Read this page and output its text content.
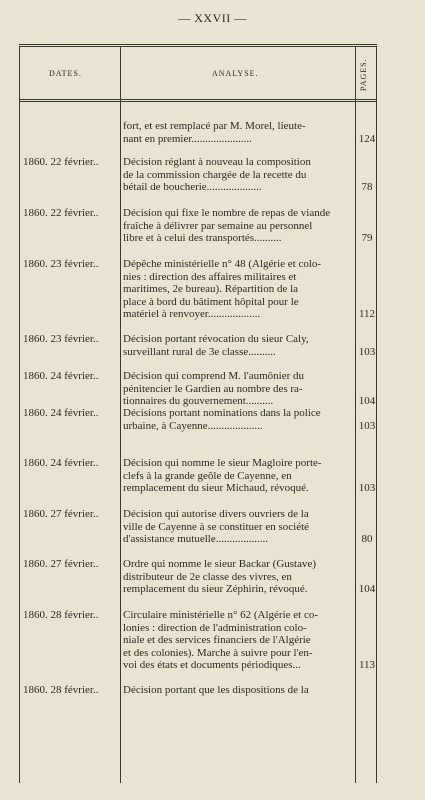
— XXVII —
DATES.	ANALYSE.	PAGES.
fort, et est remplacé par M. Morel, lieute-
nant en premier......................	124
1860. 22 février..	Décision réglant à nouveau la composition
de la commission chargée de la recette du
bétail de boucherie....................	78
1860. 22 février..	Décision qui fixe le nombre de repas de viande
fraîche à délivrer par semaine au personnel
libre et à celui des transportés..........	79
1860. 23 février..	Dépêche ministérielle n° 48 (Algérie et colo-
nies : direction des affaires militaires et
maritimes, 2e bureau). Répartition de la
place à bord du bâtiment hôpital pour le
matériel à renvoyer...................	112
1860. 23 février..	Décision portant révocation du sieur Caly,
surveillant rural de 3e classe..........	103
1860. 24 février..	Décision qui comprend M. l'aumônier du
pénitencier le Gardien au nombre des ra-
tionnaires du gouvernement..........	104
1860. 24 février..	Décisions portant nominations dans la police
urbaine, à Cayenne....................	103
1860. 24 février..	Décision qui nomme le sieur Magloire porte-
clefs à la grande geôle de Cayenne, en
remplacement du sieur Michaud, révoqué.	103
1860. 27 février..	Décision qui autorise divers ouvriers de la
ville de Cayenne à se constituer en société
d'assistance mutuelle...................	80
1860. 27 février..	Ordre qui nomme le sieur Backar (Gustave)
distributeur de 2e classe des vivres, en
remplacement du sieur Zéphirin, révoqué.	104
1860. 28 février..	Circulaire ministérielle n° 62 (Algérie et co-
lonies : direction de l'administration colo-
niale et des services financiers de l'Algérie
et des colonies). Marche à suivre pour l'en-
voi des états et documents périodiques...	113
1860. 28 février..	Décision portant que les dispositions de la
